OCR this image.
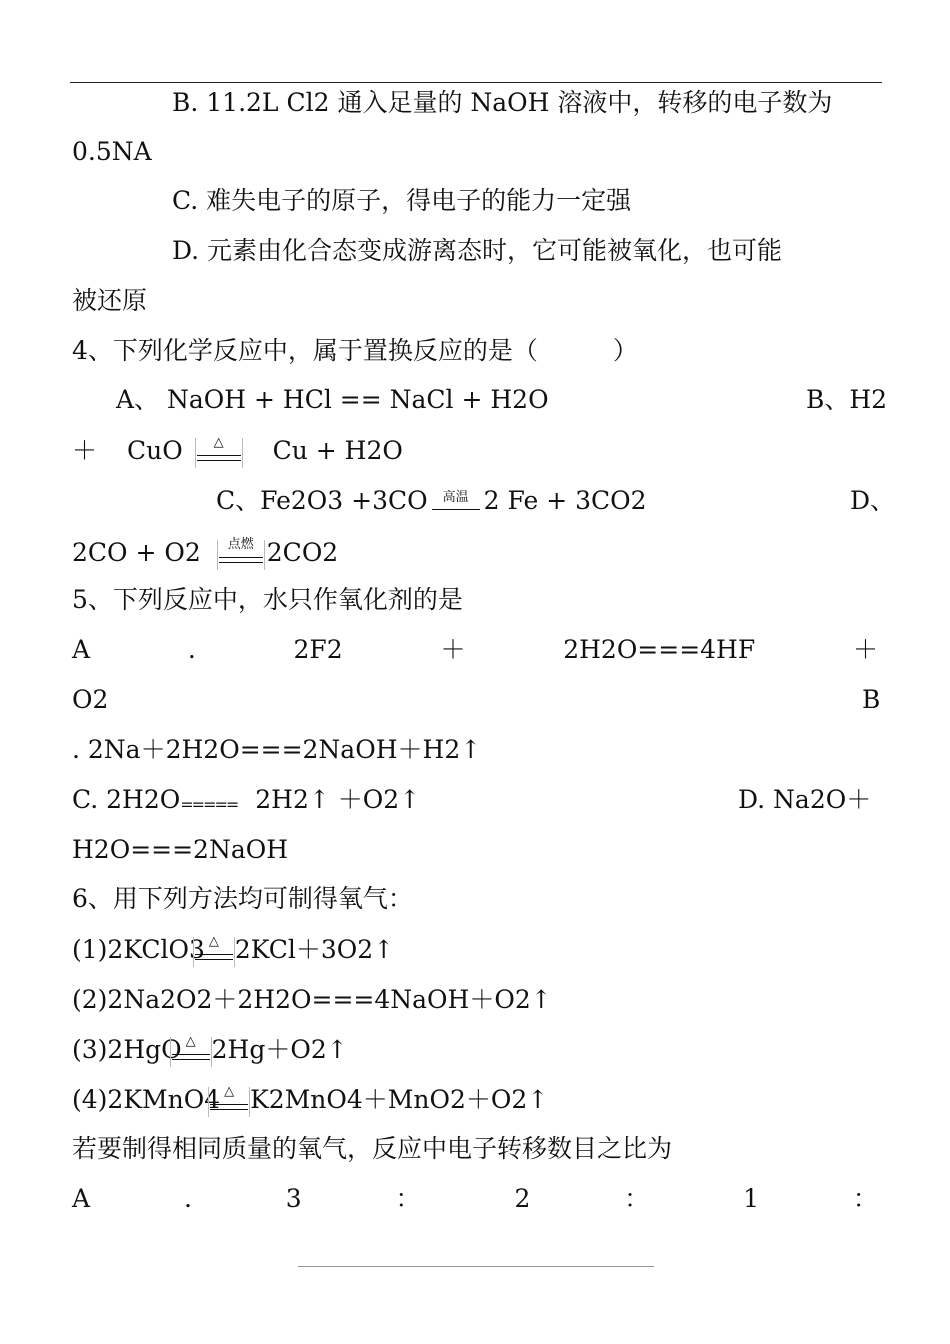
B. 11.2L Cl2 通入足量的 NaOH 溶液中，转移的电子数为
0.5NA
C. 难失电子的原子，得电子的能力一定强
D. 元素由化合态变成游离态时，它可能被氧化，也可能
被还原
4、下列化学反应中，属于置换反应的是（　　　）
A、 NaOH + HCl == NaCl + H2O	B、H2
＋ CuO	△	Cu + H2O
C、Fe2O3 +3CO	高温 2 Fe + 3CO2	D、
2CO + O2	点燃 2CO2
5、下列反应中，水只作氧化剂的是
A	.	2F2	＋	2H2O===4HF	＋
O2	B
. 2Na＋2H2O===2NaOH＋H2↑
C. 2H2O===== 2H2↑ ＋O2↑	D. Na2O＋
H2O===2NaOH
6、用下列方法均可制得氧气：
(1)2KClO3 △ 2KCl＋3O2↑
(2)2Na2O2＋2H2O===4NaOH＋O2↑
(3)2HgO △ 2Hg＋O2↑
(4)2KMnO4 △ K2MnO4＋MnO2＋O2↑
若要制得相同质量的氧气，反应中电子转移数目之比为
A	.	3	：	2	：	1	：
